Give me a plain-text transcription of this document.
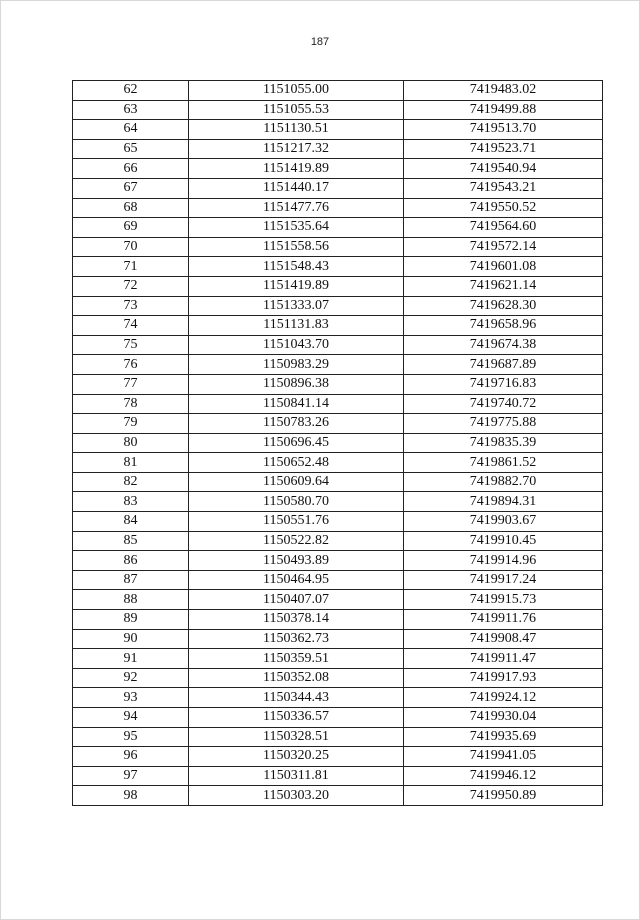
187
62	1151055.00	7419483.02
63	1151055.53	7419499.88
64	1151130.51	7419513.70
65	1151217.32	7419523.71
66	1151419.89	7419540.94
67	1151440.17	7419543.21
68	1151477.76	7419550.52
69	1151535.64	7419564.60
70	1151558.56	7419572.14
71	1151548.43	7419601.08
72	1151419.89	7419621.14
73	1151333.07	7419628.30
74	1151131.83	7419658.96
75	1151043.70	7419674.38
76	1150983.29	7419687.89
77	1150896.38	7419716.83
78	1150841.14	7419740.72
79	1150783.26	7419775.88
80	1150696.45	7419835.39
81	1150652.48	7419861.52
82	1150609.64	7419882.70
83	1150580.70	7419894.31
84	1150551.76	7419903.67
85	1150522.82	7419910.45
86	1150493.89	7419914.96
87	1150464.95	7419917.24
88	1150407.07	7419915.73
89	1150378.14	7419911.76
90	1150362.73	7419908.47
91	1150359.51	7419911.47
92	1150352.08	7419917.93
93	1150344.43	7419924.12
94	1150336.57	7419930.04
95	1150328.51	7419935.69
96	1150320.25	7419941.05
97	1150311.81	7419946.12
98	1150303.20	7419950.89
